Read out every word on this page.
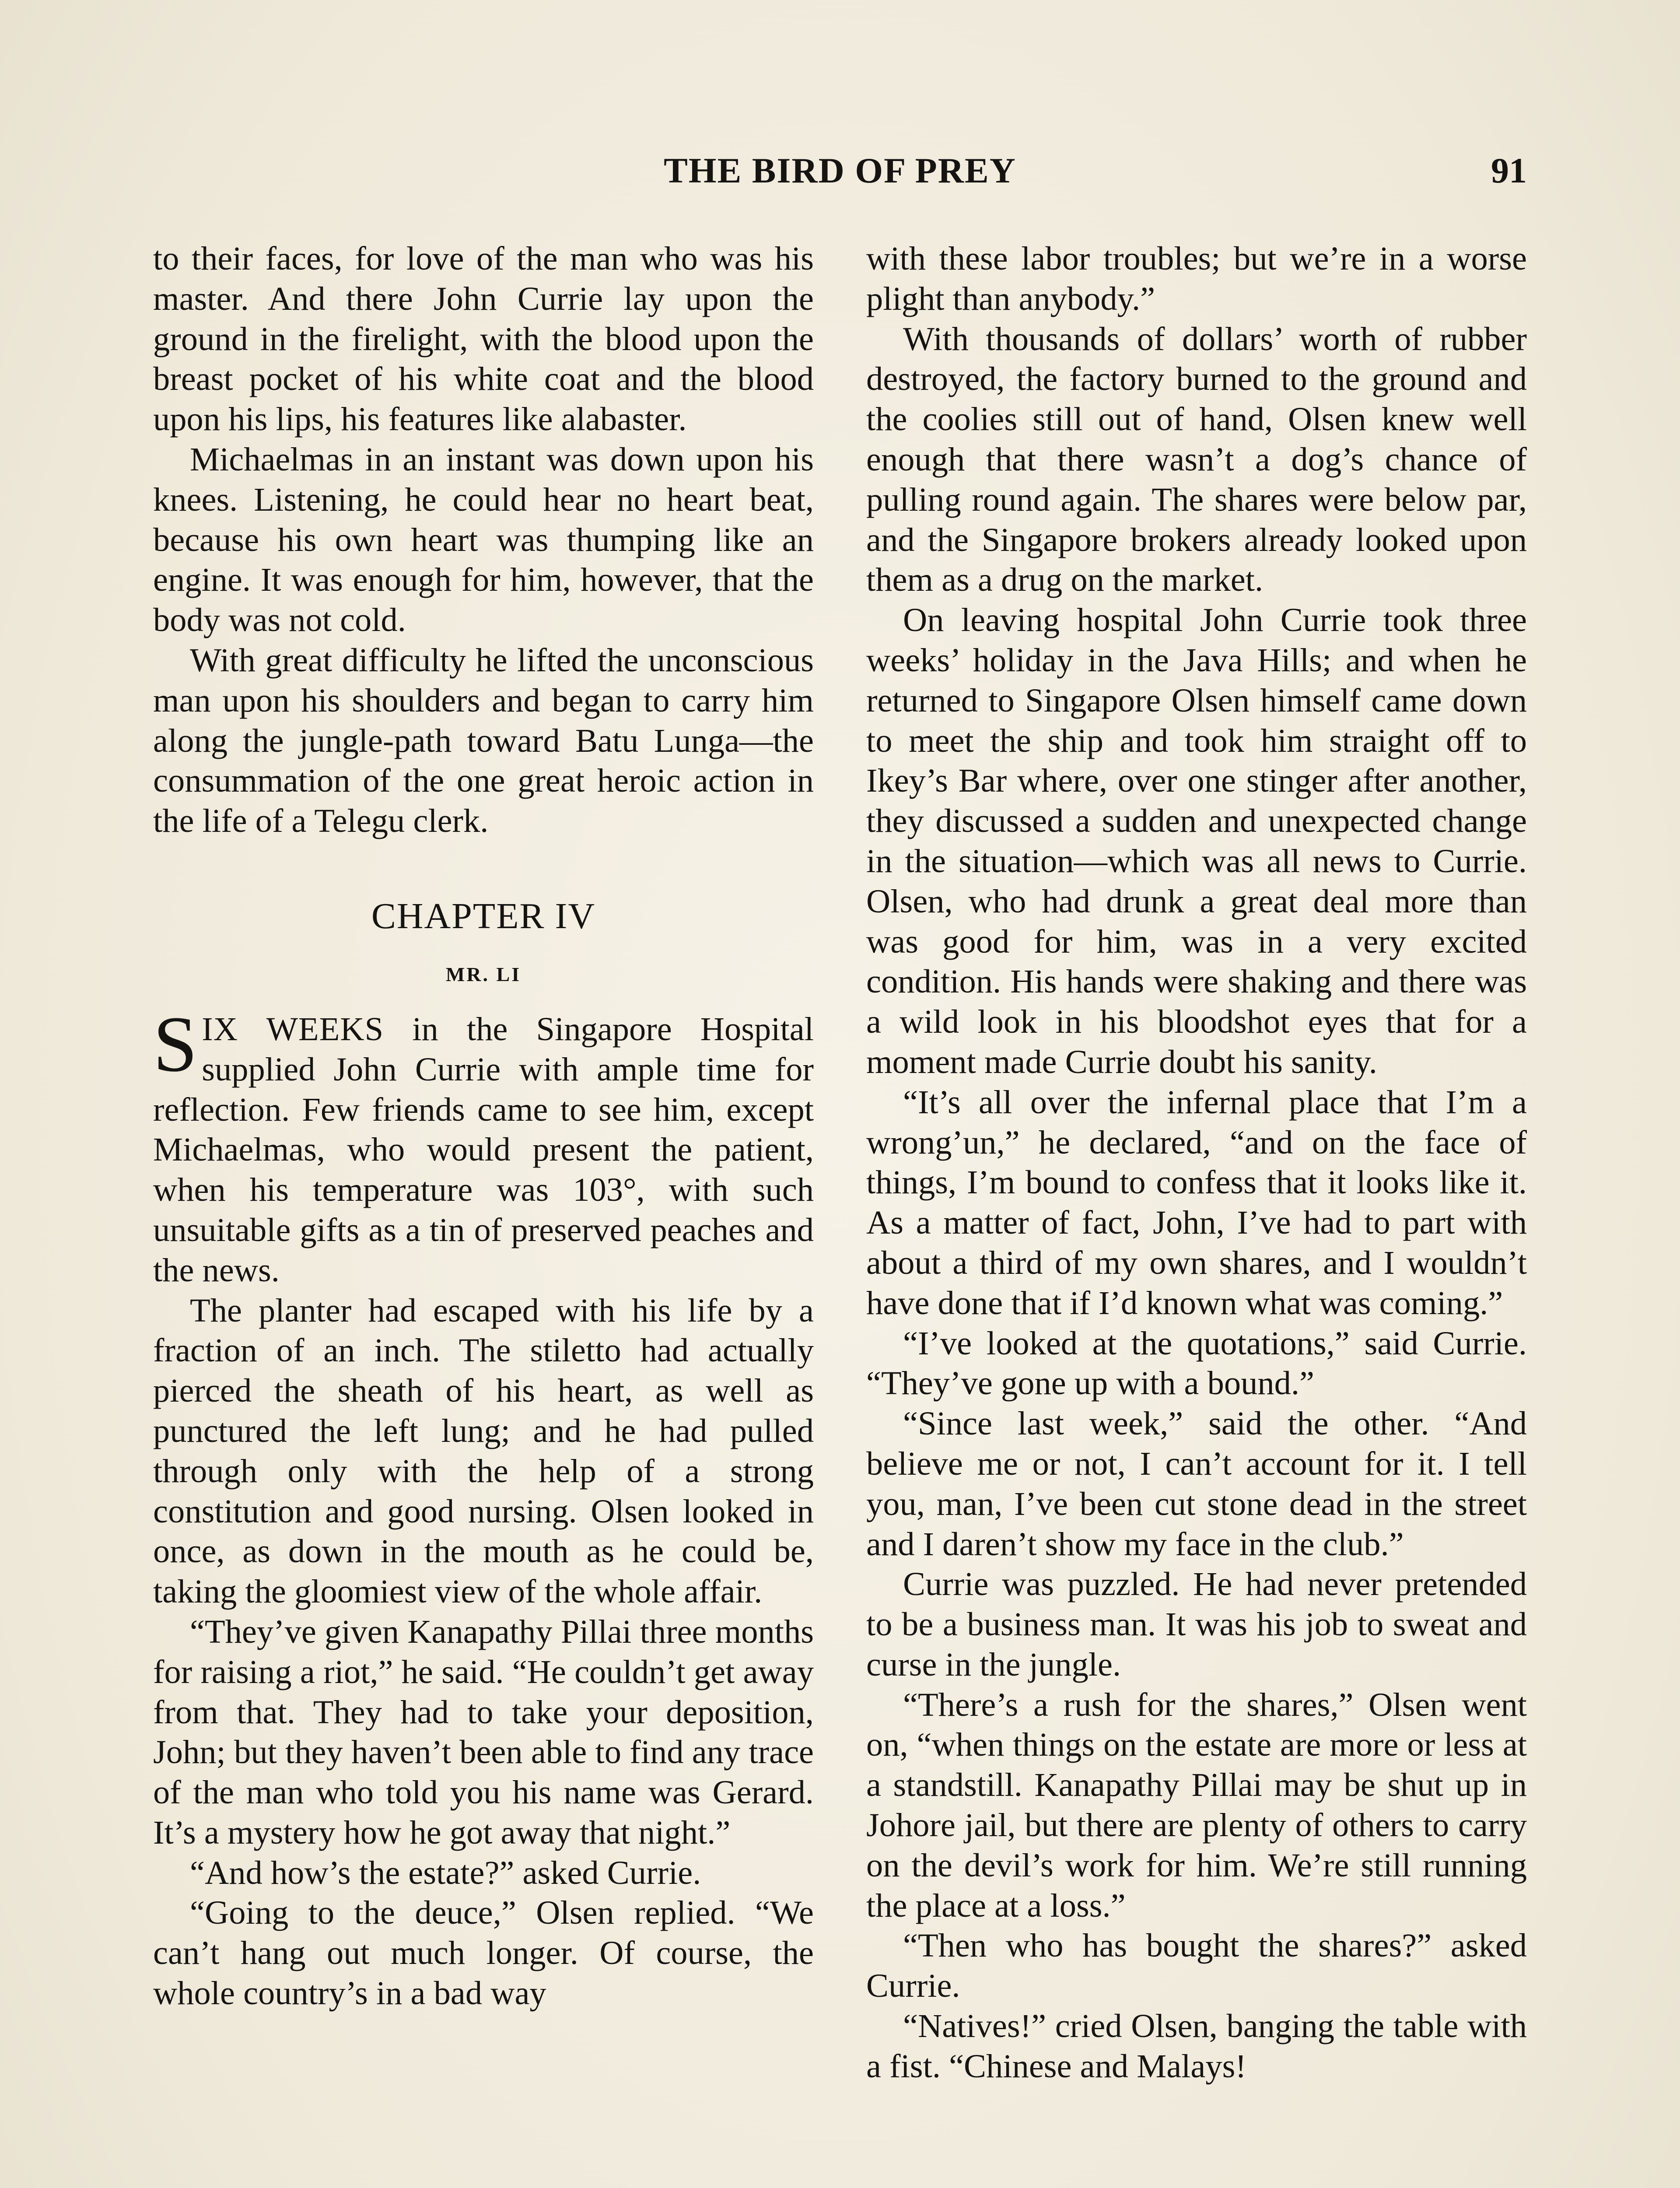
THE BIRD OF PREY	91

to their faces, for love of the man who was his master. And there John Currie lay upon the ground in the firelight, with the blood upon the breast pocket of his white coat and the blood upon his lips, his features like alabaster.

Michaelmas in an instant was down upon his knees. Listening, he could hear no heart beat, because his own heart was thumping like an engine. It was enough for him, however, that the body was not cold.

With great difficulty he lifted the unconscious man upon his shoulders and began to carry him along the jungle-path toward Batu Lunga—the consummation of the one great heroic action in the life of a Telegu clerk.

CHAPTER IV
MR. LI

SIX WEEKS in the Singapore Hospital supplied John Currie with ample time for reflection. Few friends came to see him, except Michaelmas, who would present the patient, when his temperature was 103°, with such unsuitable gifts as a tin of preserved peaches and the news.

The planter had escaped with his life by a fraction of an inch. The stiletto had actually pierced the sheath of his heart, as well as punctured the left lung; and he had pulled through only with the help of a strong constitution and good nursing. Olsen looked in once, as down in the mouth as he could be, taking the gloomiest view of the whole affair.

“They’ve given Kanapathy Pillai three months for raising a riot,” he said. “He couldn’t get away from that. They had to take your deposition, John; but they haven’t been able to find any trace of the man who told you his name was Gerard. It’s a mystery how he got away that night.”

“And how’s the estate?” asked Currie.

“Going to the deuce,” Olsen replied. “We can’t hang out much longer. Of course, the whole country’s in a bad way

with these labor troubles; but we’re in a worse plight than anybody.”

With thousands of dollars’ worth of rubber destroyed, the factory burned to the ground and the coolies still out of hand, Olsen knew well enough that there wasn’t a dog’s chance of pulling round again. The shares were below par, and the Singapore brokers already looked upon them as a drug on the market.

On leaving hospital John Currie took three weeks’ holiday in the Java Hills; and when he returned to Singapore Olsen himself came down to meet the ship and took him straight off to Ikey’s Bar where, over one stinger after another, they discussed a sudden and unexpected change in the situation—which was all news to Currie. Olsen, who had drunk a great deal more than was good for him, was in a very excited condition. His hands were shaking and there was a wild look in his bloodshot eyes that for a moment made Currie doubt his sanity.

“It’s all over the infernal place that I’m a wrong’un,” he declared, “and on the face of things, I’m bound to confess that it looks like it. As a matter of fact, John, I’ve had to part with about a third of my own shares, and I wouldn’t have done that if I’d known what was coming.”

“I’ve looked at the quotations,” said Currie. “They’ve gone up with a bound.”

“Since last week,” said the other. “And believe me or not, I can’t account for it. I tell you, man, I’ve been cut stone dead in the street and I daren’t show my face in the club.”

Currie was puzzled. He had never pretended to be a business man. It was his job to sweat and curse in the jungle.

“There’s a rush for the shares,” Olsen went on, “when things on the estate are more or less at a standstill. Kanapathy Pillai may be shut up in Johore jail, but there are plenty of others to carry on the devil’s work for him. We’re still running the place at a loss.”

“Then who has bought the shares?” asked Currie.

“Natives!” cried Olsen, banging the table with a fist. “Chinese and Malays!
